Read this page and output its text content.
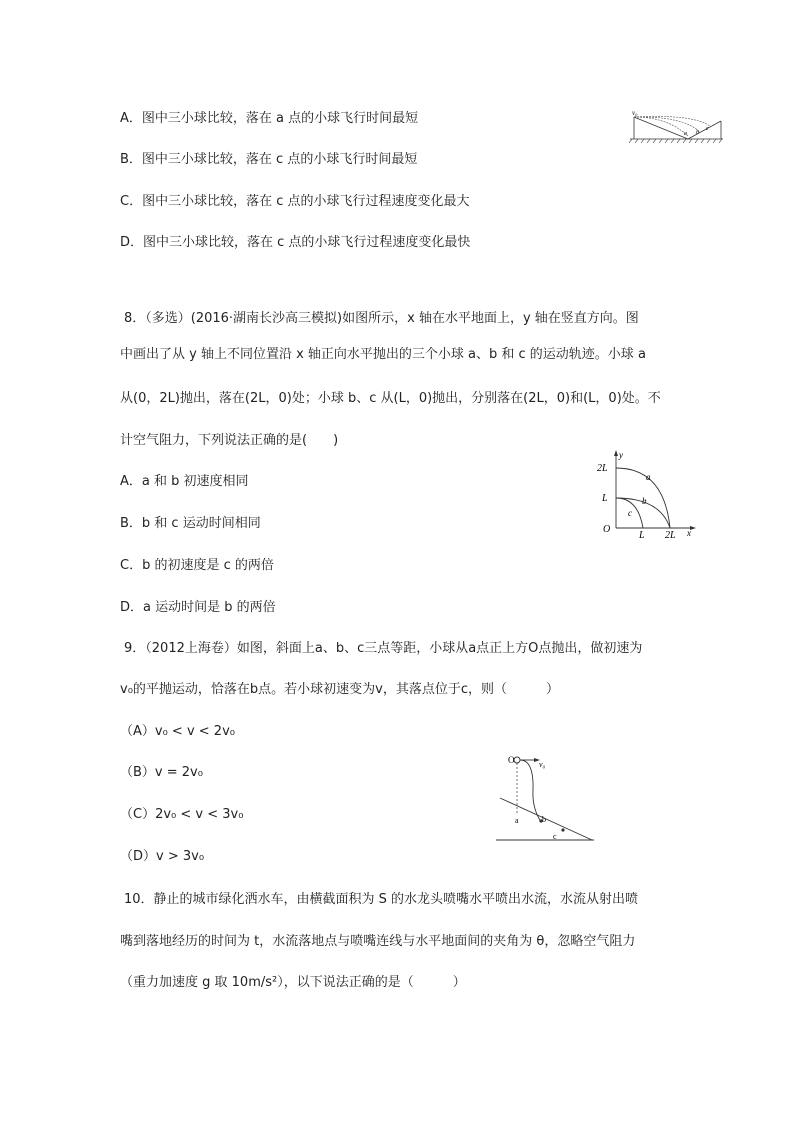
A．图中三小球比较，落在 a 点的小球飞行时间最短
B．图中三小球比较，落在 c 点的小球飞行时间最短
C．图中三小球比较，落在 c 点的小球飞行过程速度变化最大
D．图中三小球比较，落在 c 点的小球飞行过程速度变化最快
v₀
a b
c
8．（多选）(2016·湖南长沙高三模拟)如图所示，x 轴在水平地面上，y 轴在竖直方向。图
中画出了从 y 轴上不同位置沿 x 轴正向水平抛出的三个小球 a、b 和 c 的运动轨迹。小球 a
从(0，2L)抛出，落在(2L，0)处；小球 b、c 从(L，0)抛出，分别落在(2L，0)和(L，0)处。不
计空气阻力，下列说法正确的是(　　)
A．a 和 b 初速度相同
B．b 和 c 运动时间相同
C．b 的初速度是 c 的两倍
D．a 运动时间是 b 的两倍
y
x
O
2L
L
L 2L
a
b
c
9．（2012上海卷）如图，斜面上a、b、c三点等距，小球从a点正上方O点抛出，做初速为
v₀的平抛运动，恰落在b点。若小球初速变为v，其落点位于c，则（　　　）
（A）v₀ < v < 2v₀
（B）v = 2v₀
（C）2v₀ < v < 3v₀
（D）v > 3v₀
O	v₀
a	b
c
10．静止的城市绿化洒水车，由横截面积为 S 的水龙头喷嘴水平喷出水流，水流从射出喷
嘴到落地经历的时间为 t，水流落地点与喷嘴连线与水平地面间的夹角为 θ，忽略空气阻力
（重力加速度 g 取 10m/s²），以下说法正确的是（　　　）
